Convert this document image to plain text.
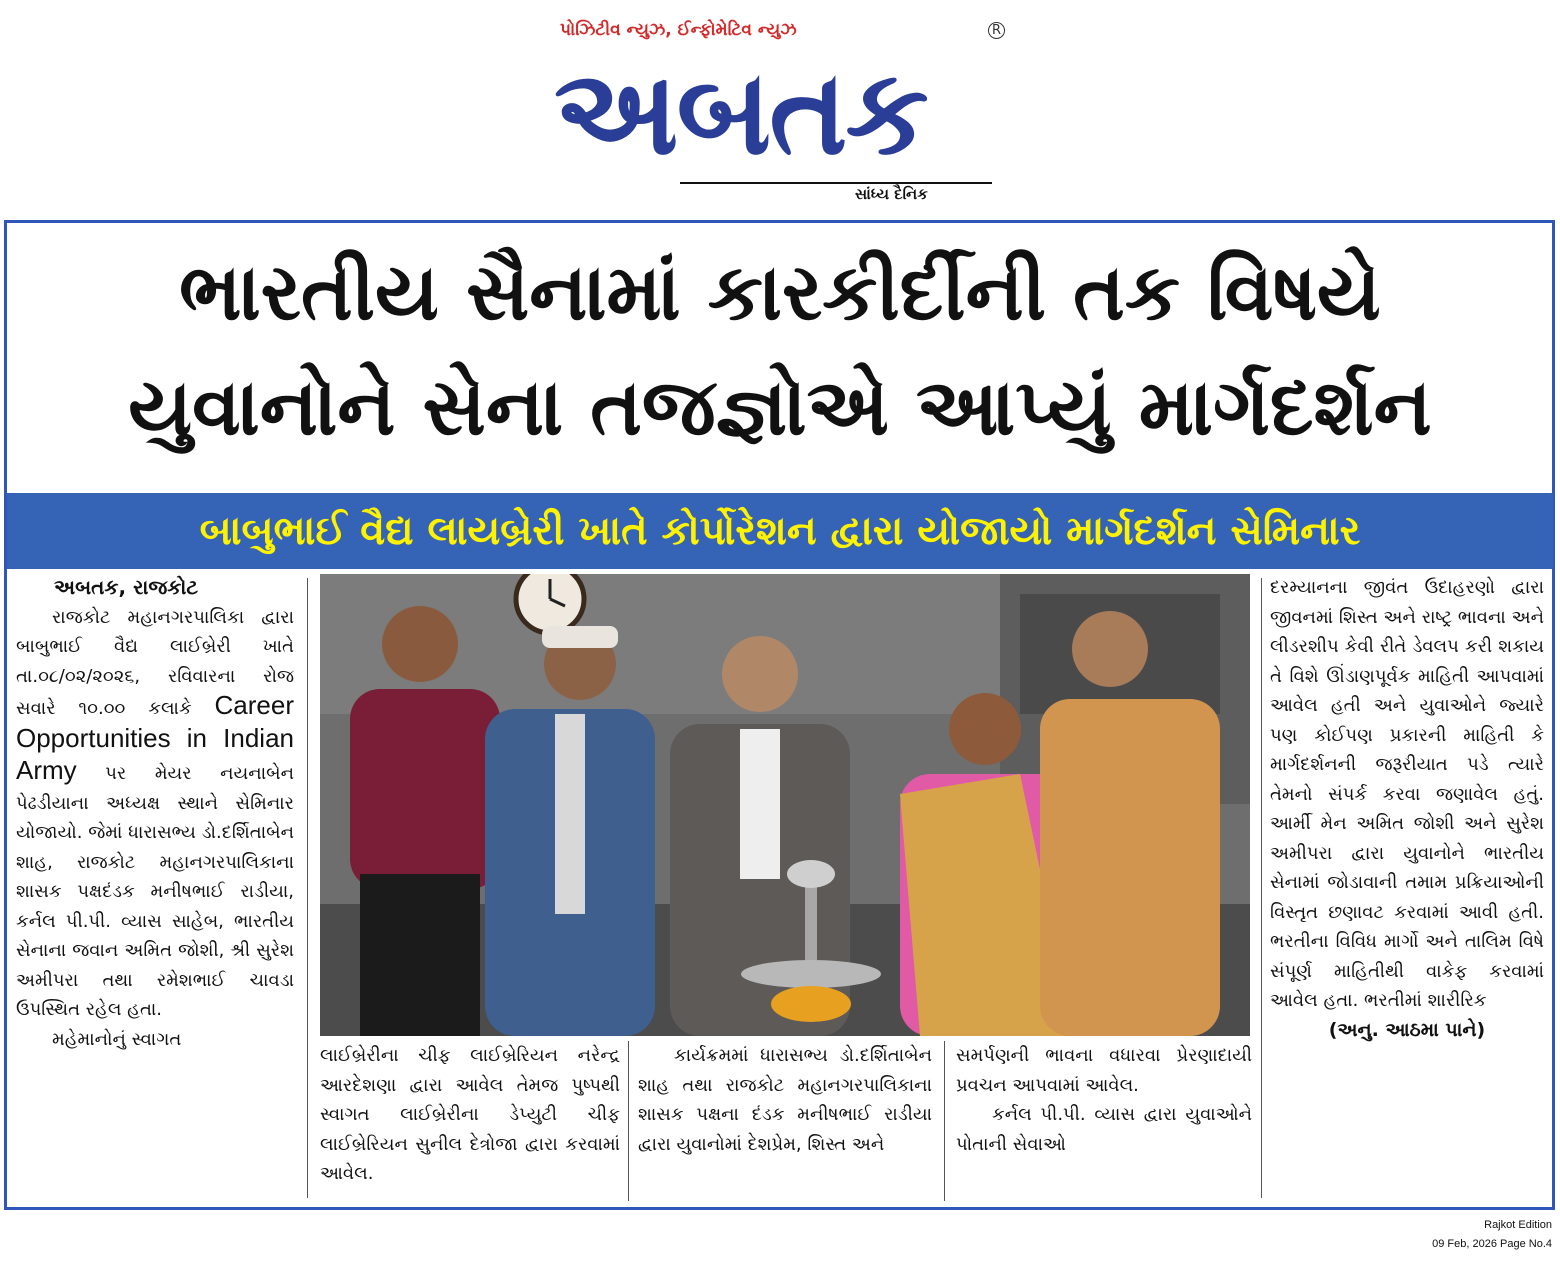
પોઝિટીવ ન્યુઝ, ઈન્ફોમેટિવ ન્યુઝ	R
અબતક
સાંધ્ય દૈનિક
ભારતીય સૈનામાં કારકીર્દીની તક વિષયે
યુવાનોને સેના તજજ્ઞોએ આપ્યું માર્ગદર્શન
બાબુભાઈ વૈદ્ય લાયબ્રેરી ખાતે કોર્પોરેશન દ્વારા યોજાયો માર્ગદર્શન સેમિનાર
અબતક, રાજકોટ
રાજકોટ મહાનગરપાલિકા દ્વારા બાબુભાઈ વૈદ્ય લાઈબ્રેરી ખાતે તા.૦૮/૦૨/૨૦૨૬, રવિવારના રોજ સવારે ૧૦.૦૦ કલાકે Career Opportunities in Indian Army પર મેયર નયનાબેન પેઢડીયાના અધ્યક્ષ સ્થાને સેમિનાર યોજાયો. જેમાં ધારાસભ્ય ડો.દર્શિતાબેન શાહ, રાજકોટ મહાનગરપાલિકાના શાસક પક્ષદંડક મનીષભાઈ રાડીયા, કર્નલ પી.પી. વ્યાસ સાહેબ, ભારતીય સેનાના જવાન અમિત જોશી, શ્રી સુરેશ અમીપરા તથા રમેશભાઈ ચાવડા ઉપસ્થિત રહેલ હતા.
મહેમાનોનું સ્વાગત
લાઈબ્રેરીના ચીફ લાઈબ્રેરિયન નરેન્દ્ર આરદેશણા દ્વારા આવેલ તેમજ પુષ્પથી સ્વાગત લાઈબ્રેરીના ડેપ્યુટી ચીફ લાઈબ્રેરિયન સુનીલ દેત્રોજા દ્વારા કરવામાં આવેલ.
કાર્યક્રમમાં ધારાસભ્ય ડો.દર્શિતાબેન શાહ તથા રાજકોટ મહાનગરપાલિકાના શાસક પક્ષના દંડક મનીષભાઈ રાડીયા દ્વારા યુવાનોમાં દેશપ્રેમ, શિસ્ત અને
સમર્પણની ભાવના વધારવા પ્રેરણાદાયી પ્રવચન આપવામાં આવેલ.
કર્નલ પી.પી. વ્યાસ દ્વારા યુવાઓને પોતાની સેવાઓ
દરમ્યાનના જીવંત ઉદાહરણો દ્વારા જીવનમાં શિસ્ત અને રાષ્ટ્ર ભાવના અને લીડરશીપ કેવી રીતે ડેવલપ કરી શકાય તે વિશે ઊંડાણપૂર્વક માહિતી આપવામાં આવેલ હતી અને યુવાઓને જ્યારે પણ કોઈપણ પ્રકારની માહિતી કે માર્ગદર્શનની જરૂરીયાત પડે ત્યારે તેમનો સંપર્ક કરવા જણાવેલ હતું. આર્મી મેન અમિત જોશી અને સુરેશ અમીપરા દ્વારા યુવાનોને ભારતીય સેનામાં જોડાવાની તમામ પ્રક્રિયાઓની વિસ્તૃત છણાવટ કરવામાં આવી હતી. ભરતીના વિવિધ માર્ગો અને તાલિમ વિષે સંપૂર્ણ માહિતીથી વાકેફ કરવામાં આવેલ હતા. ભરતીમાં શારીરિક
(અનુ. આઠમા પાને)
Rajkot Edition
09 Feb, 2026 Page No.4
